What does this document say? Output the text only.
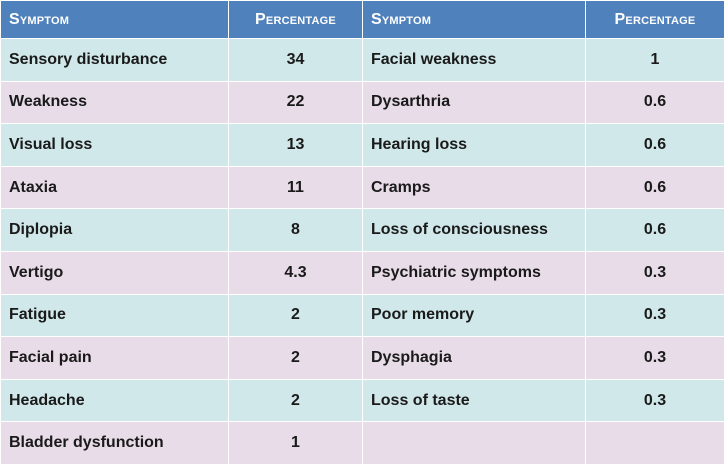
Symptom	Percentage	Symptom	Percentage
Sensory disturbance	34	Facial weakness	1
Weakness	22	Dysarthria	0.6
Visual loss	13	Hearing loss	0.6
Ataxia	11	Cramps	0.6
Diplopia	8	Loss of consciousness	0.6
Vertigo	4.3	Psychiatric symptoms	0.3
Fatigue	2	Poor memory	0.3
Facial pain	2	Dysphagia	0.3
Headache	2	Loss of taste	0.3
Bladder dysfunction	1		
